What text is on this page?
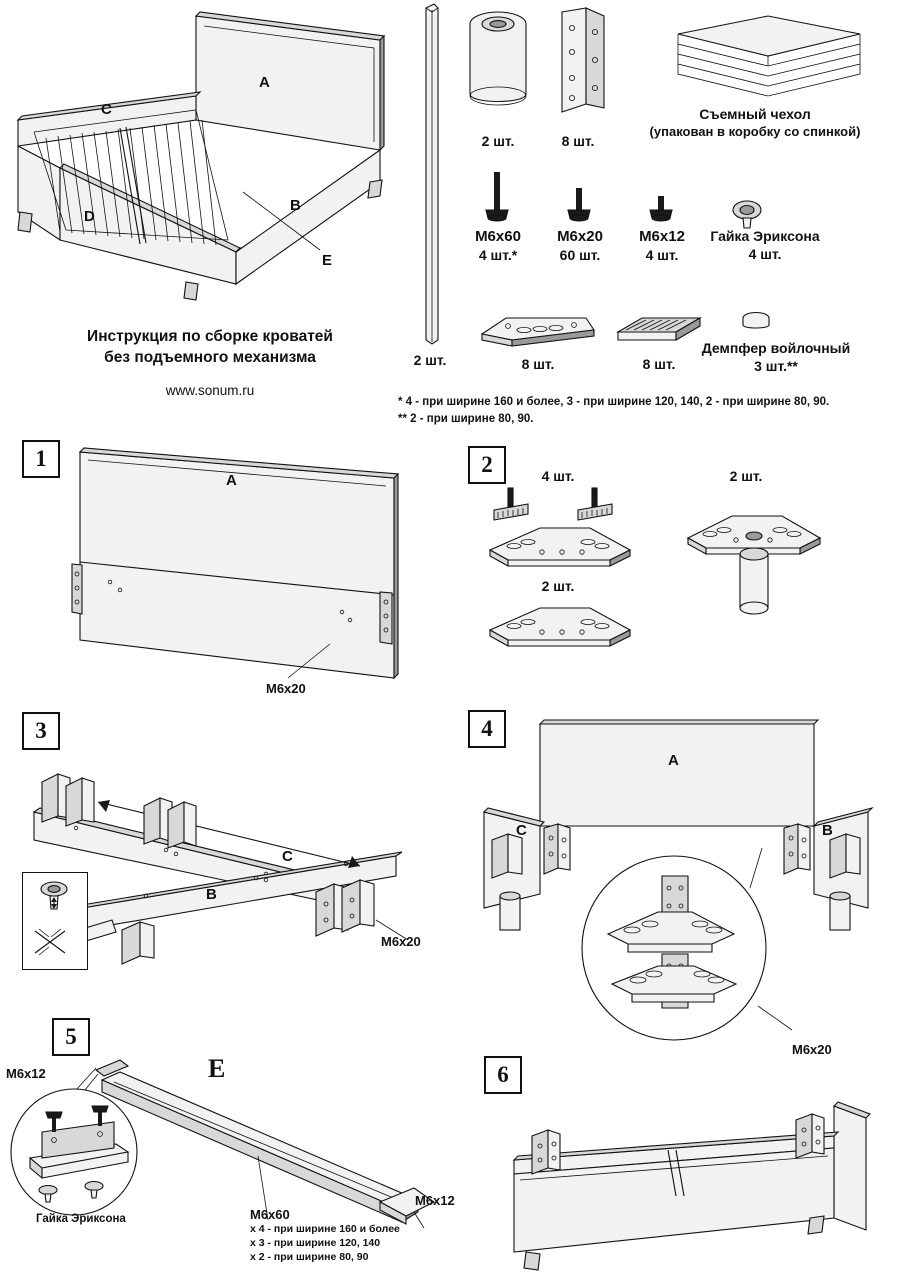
A
C
D
B
E
Инструкция по сборке кроватей
без подъемного механизма
www.sonum.ru
2 шт.
2 шт.	8 шт.
Съемный чехол
(упакован в коробку со спинкой)
M6x60
4 шт.*
M6x20
60 шт.
M6x12
4 шт.
Гайка Эриксона
4 шт.
8 шт.	8 шт.
Демпфер войлочный
3 шт.**
* 4 - при ширине 160 и более, 3 - при ширине 120, 140, 2 - при ширине 80, 90.
** 2 - при ширине 80, 90.
1
A
M6x20
2	4 шт.	2 шт.
2 шт.
3
C
B
M6x20
4
A
C	B
M6x20
5
E
M6x12
M6x12
Гайка Эриксона	M6x60
x 4 - при ширине 160 и более
x 3 - при ширине 120, 140
x 2 - при ширине 80, 90
6
